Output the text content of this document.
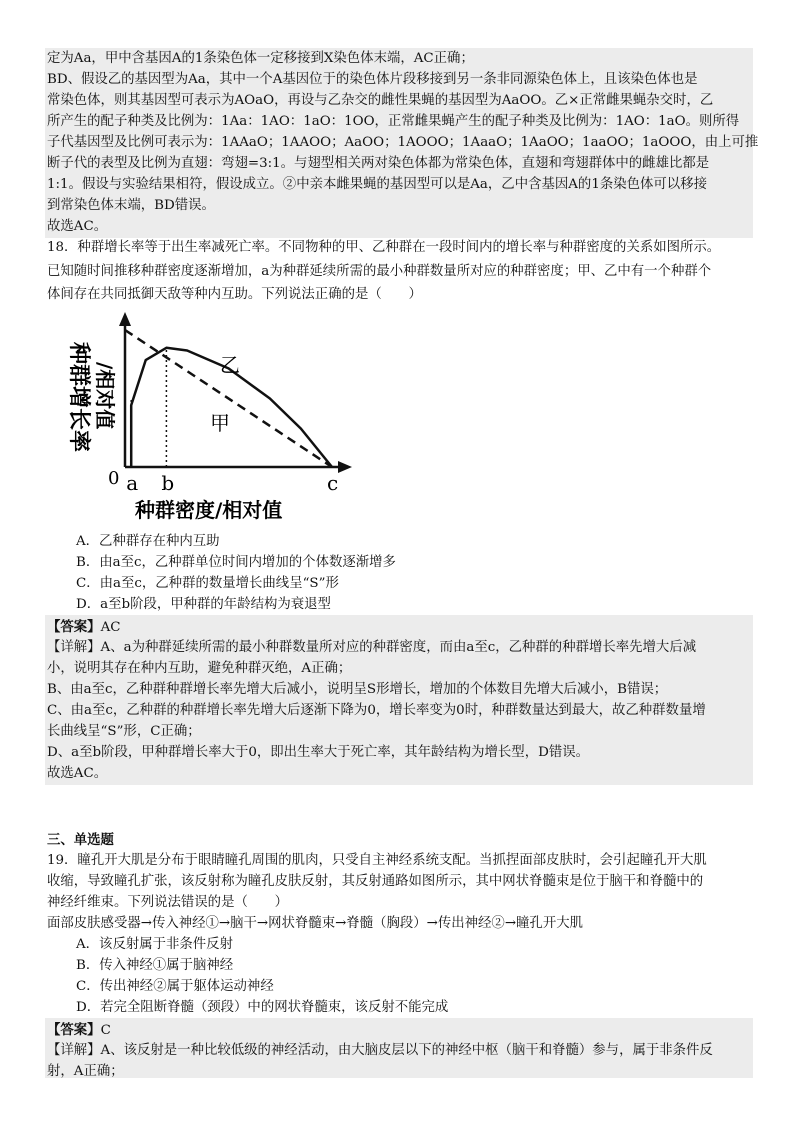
定为Aa，甲中含基因A的1条染色体一定移接到X染色体末端，AC正确；
BD、假设乙的基因型为Aa，其中一个A基因位于的染色体片段移接到另一条非同源染色体上，且该染色体也是
常染色体，则其基因型可表示为AOaO，再设与乙杂交的雌性果蝇的基因型为AaOO。乙×正常雌果蝇杂交时，乙
所产生的配子种类及比例为：1Aa：1AO：1aO：1OO，正常雌果蝇产生的配子种类及比例为：1AO：1aO。则所得
子代基因型及比例可表示为：1AAaO；1AAOO；AaOO；1AOOO；1AaaO；1AaOO；1aaOO；1aOOO，由上可推
断子代的表型及比例为直翅：弯翅=3:1。与翅型相关两对染色体都为常染色体，直翅和弯翅群体中的雌雄比都是
1:1。假设与实验结果相符，假设成立。②中亲本雌果蝇的基因型可以是Aa，乙中含基因A的1条染色体可以移接
到常染色体末端，BD错误。
故选AC。
18．种群增长率等于出生率减死亡率。不同物种的甲、乙种群在一段时间内的增长率与种群密度的关系如图所示。
已知随时间推移种群密度逐渐增加，a为种群延续所需的最小种群数量所对应的种群密度；甲、乙中有一个种群个
体间存在共同抵御天敌等种内互助。下列说法正确的是（　　）
种群增长率 /相对值
0 a b	c
乙
甲
种群密度/相对值
A．乙种群存在种内互助
B．由a至c，乙种群单位时间内增加的个体数逐渐增多
C．由a至c，乙种群的数量增长曲线呈“S”形
D．a至b阶段，甲种群的年龄结构为衰退型
【答案】AC
【详解】A、a为种群延续所需的最小种群数量所对应的种群密度，而由a至c，乙种群的种群增长率先增大后减
小，说明其存在种内互助，避免种群灭绝，A正确；
B、由a至c，乙种群种群增长率先增大后减小，说明呈S形增长，增加的个体数目先增大后减小，B错误；
C、由a至c，乙种群的种群增长率先增大后逐渐下降为0，增长率变为0时，种群数量达到最大，故乙种群数量增
长曲线呈“S”形，C正确；
D、a至b阶段，甲种群增长率大于0，即出生率大于死亡率，其年龄结构为增长型，D错误。
故选AC。
三、单选题
19．瞳孔开大肌是分布于眼睛瞳孔周围的肌肉，只受自主神经系统支配。当抓捏面部皮肤时，会引起瞳孔开大肌
收缩，导致瞳孔扩张，该反射称为瞳孔皮肤反射，其反射通路如图所示，其中网状脊髓束是位于脑干和脊髓中的
神经纤维束。下列说法错误的是（　　）
面部皮肤感受器→传入神经①→脑干→网状脊髓束→脊髓（胸段）→传出神经②→瞳孔开大肌
A．该反射属于非条件反射
B．传入神经①属于脑神经
C．传出神经②属于躯体运动神经
D．若完全阻断脊髓（颈段）中的网状脊髓束，该反射不能完成
【答案】C
【详解】A、该反射是一种比较低级的神经活动，由大脑皮层以下的神经中枢（脑干和脊髓）参与，属于非条件反
射，A正确；
